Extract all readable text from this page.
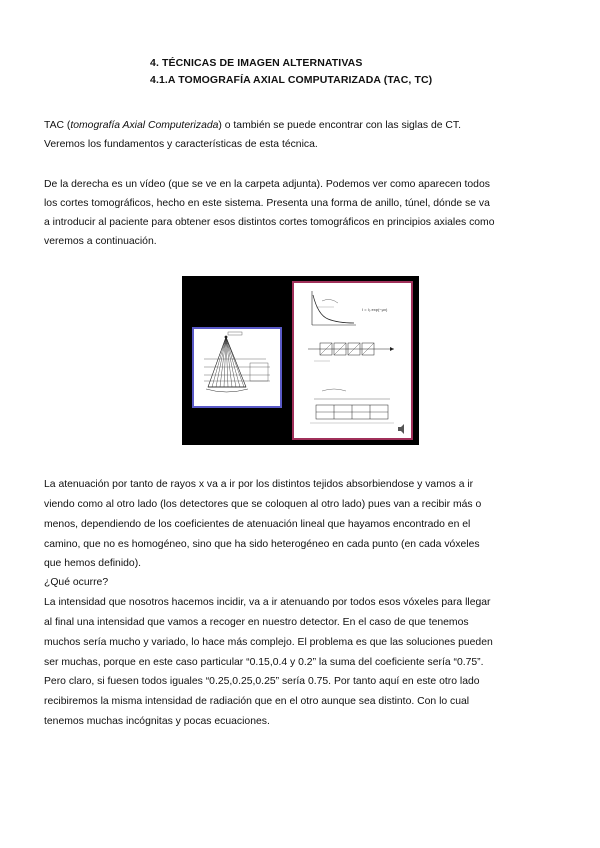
4. TÉCNICAS DE IMAGEN ALTERNATIVAS
4.1.A TOMOGRAFÍA AXIAL COMPUTARIZADA (TAC, TC)
TAC (tomografía Axial Computerizada) o también se puede encontrar con las siglas de CT.
Veremos los fundamentos y características de esta técnica.
De la derecha es un vídeo (que se ve en la carpeta adjunta). Podemos ver como aparecen todos
los cortes tomográficos, hecho en este sistema. Presenta una forma de anillo, túnel, dónde se va
a introducir al paciente para obtener esos distintos cortes tomográficos en principios axiales como
veremos a continuación.
I = I₀ exp(−μx)
La atenuación por tanto de rayos x va a ir por los distintos tejidos absorbiendose y vamos a ir
viendo como al otro lado (los detectores que se coloquen al otro lado) pues van a recibir más o
menos, dependiendo de los coeficientes de atenuación lineal que hayamos encontrado en el
camino, que no es homogéneo, sino que ha sido heterogéneo en cada punto (en cada vóxeles
que hemos definido).
¿Qué ocurre?
La intensidad que nosotros hacemos incidir, va a ir atenuando por todos esos vóxeles para llegar
al final una intensidad que vamos a recoger en nuestro detector. En el caso de que tenemos
muchos sería mucho y variado, lo hace más complejo. El problema es que las soluciones pueden
ser muchas, porque en este caso particular “0.15,0.4 y 0.2” la suma del coeficiente sería “0.75”.
Pero claro, si fuesen todos iguales “0.25,0.25,0.25” sería 0.75. Por tanto aquí en este otro lado
recibiremos la misma intensidad de radiación que en el otro aunque sea distinto. Con lo cual
tenemos muchas incógnitas y pocas ecuaciones.
